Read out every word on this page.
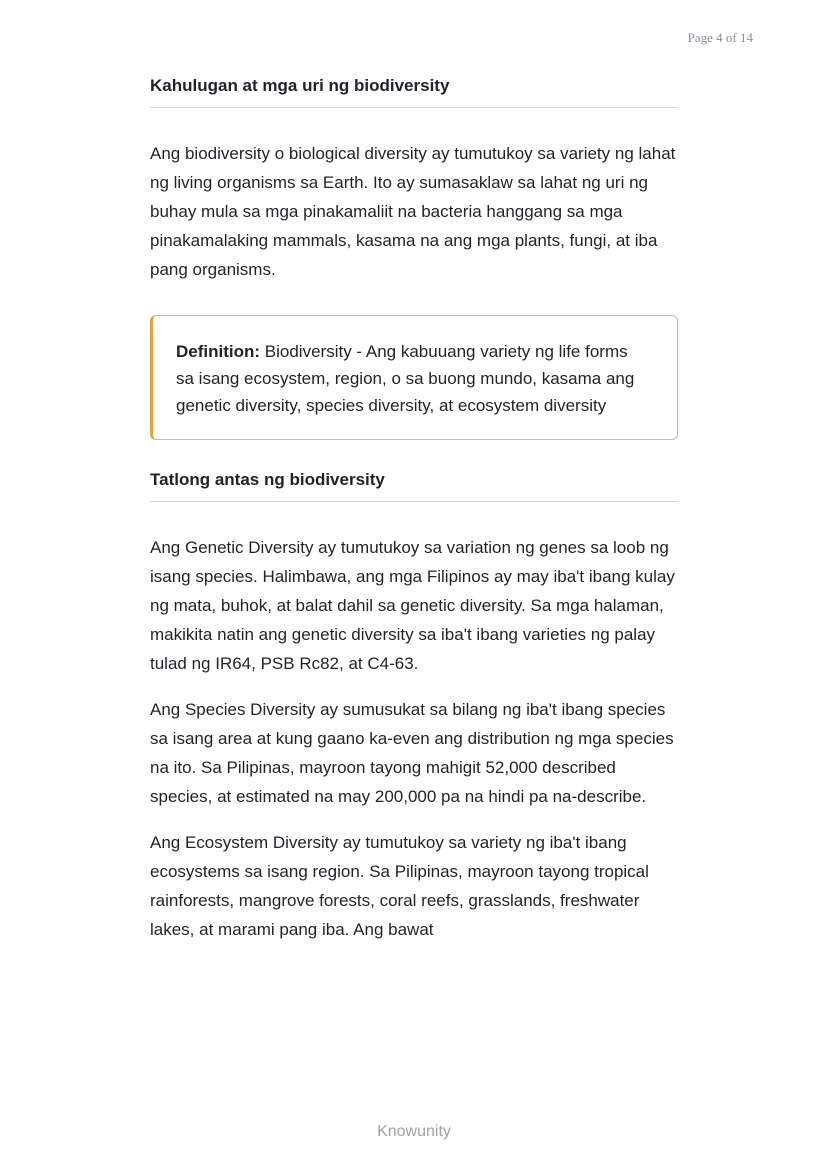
Page 4 of 14
Kahulugan at mga uri ng biodiversity

Ang biodiversity o biological diversity ay tumutukoy sa variety ng lahat ng living organisms sa Earth. Ito ay sumasaklaw sa lahat ng uri ng buhay mula sa mga pinakamaliit na bacteria hanggang sa mga pinakamalaking mammals, kasama na ang mga plants, fungi, at iba pang organisms.

Definition: Biodiversity - Ang kabuuang variety ng life forms sa isang ecosystem, region, o sa buong mundo, kasama ang genetic diversity, species diversity, at ecosystem diversity
Tatlong antas ng biodiversity

Ang Genetic Diversity ay tumutukoy sa variation ng genes sa loob ng isang species. Halimbawa, ang mga Filipinos ay may iba't ibang kulay ng mata, buhok, at balat dahil sa genetic diversity. Sa mga halaman, makikita natin ang genetic diversity sa iba't ibang varieties ng palay tulad ng IR64, PSB Rc82, at C4-63.

Ang Species Diversity ay sumusukat sa bilang ng iba't ibang species sa isang area at kung gaano ka-even ang distribution ng mga species na ito. Sa Pilipinas, mayroon tayong mahigit 52,000 described species, at estimated na may 200,000 pa na hindi pa na-describe.

Ang Ecosystem Diversity ay tumutukoy sa variety ng iba't ibang ecosystems sa isang region. Sa Pilipinas, mayroon tayong tropical rainforests, mangrove forests, coral reefs, grasslands, freshwater lakes, at marami pang iba. Ang bawat

Knowunity
